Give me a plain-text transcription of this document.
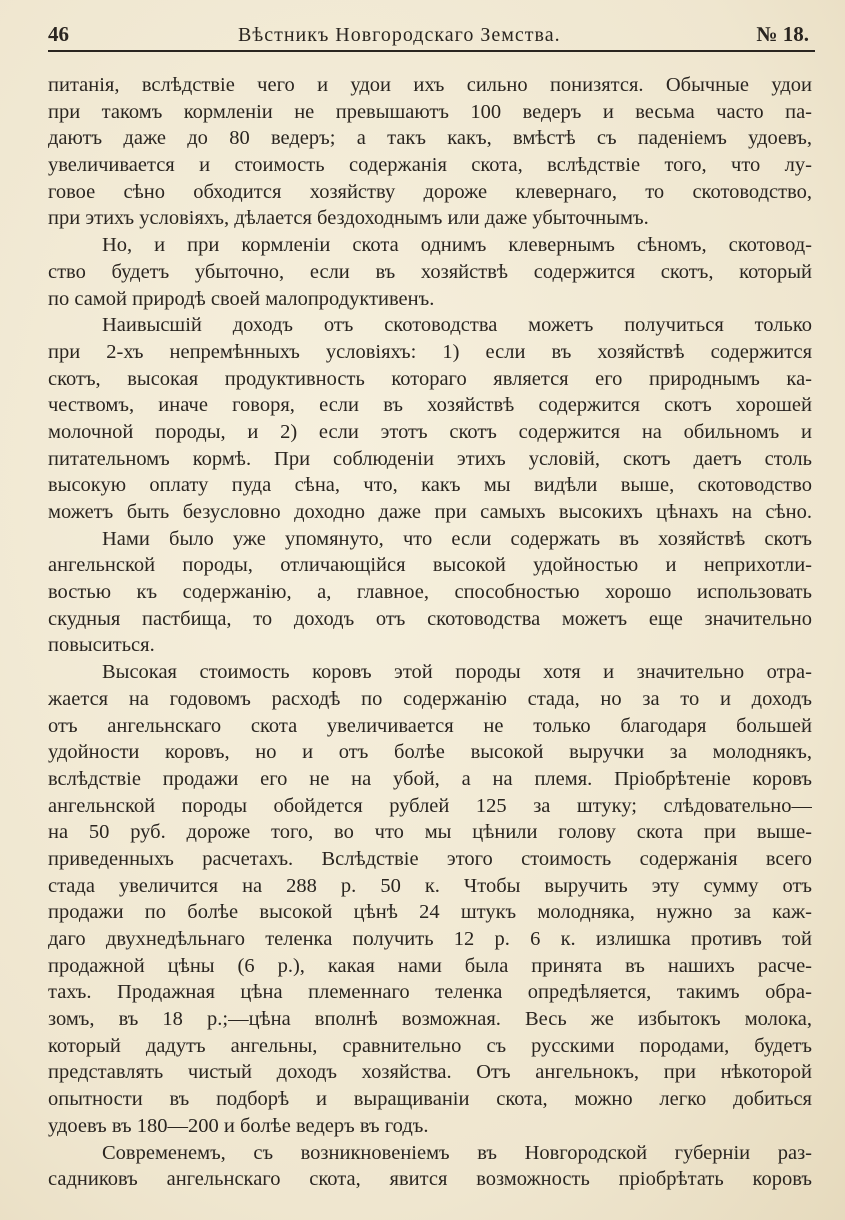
46	Вѣстникъ Новгородскаго Земства.	№ 18.
питанія, вслѣдствіе чего и удои ихъ сильно понизятся. Обычные удои
при такомъ кормленіи не превышаютъ 100 ведеръ и весьма часто па-
даютъ даже до 80 ведеръ; а такъ какъ, вмѣстѣ съ паденіемъ удоевъ,
увеличивается и стоимость содержанія скота, вслѣдствіе того, что лу-
говое сѣно обходится хозяйству дороже клевернаго, то скотоводство,
при этихъ условіяхъ, дѣлается бездоходнымъ или даже убыточнымъ.
Но, и при кормленіи скота однимъ клевернымъ сѣномъ, скотовод-
ство будетъ убыточно, если въ хозяйствѣ содержится скотъ, который
по самой природѣ своей малопродуктивенъ.
Наивысшій доходъ отъ скотоводства можетъ получиться только
при 2-хъ непремѣнныхъ условіяхъ: 1) если въ хозяйствѣ содержится
скотъ, высокая продуктивность котораго является его природнымъ ка-
чествомъ, иначе говоря, если въ хозяйствѣ содержится скотъ хорошей
молочной породы, и 2) если этотъ скотъ содержится на обильномъ и
питательномъ кормѣ. При соблюденіи этихъ условій, скотъ даетъ столь
высокую оплату пуда сѣна, что, какъ мы видѣли выше, скотоводство
можетъ быть безусловно доходно даже при самыхъ высокихъ цѣнахъ на сѣно.
Нами было уже упомянуто, что если содержать въ хозяйствѣ скотъ
ангельнской породы, отличающійся высокой удойностью и неприхотли-
востью къ содержанію, а, главное, способностью хорошо использовать
скудныя пастбища, то доходъ отъ скотоводства можетъ еще значительно
повыситься.
Высокая стоимость коровъ этой породы хотя и значительно отра-
жается на годовомъ расходѣ по содержанію стада, но за то и доходъ
отъ ангельнскаго скота увеличивается не только благодаря большей
удойности коровъ, но и отъ болѣе высокой выручки за молоднякъ,
вслѣдствіе продажи его не на убой, а на племя. Пріобрѣтеніе коровъ
ангельнской породы обойдется рублей 125 за штуку; слѣдовательно—
на 50 руб. дороже того, во что мы цѣнили голову скота при выше-
приведенныхъ расчетахъ. Вслѣдствіе этого стоимость содержанія всего
стада увеличится на 288 р. 50 к. Чтобы выручить эту сумму отъ
продажи по болѣе высокой цѣнѣ 24 штукъ молодняка, нужно за каж-
даго двухнедѣльнаго теленка получить 12 р. 6 к. излишка противъ той
продажной цѣны (6 р.), какая нами была принята въ нашихъ расче-
тахъ. Продажная цѣна племеннаго теленка опредѣляется, такимъ обра-
зомъ, въ 18 р.;—цѣна вполнѣ возможная. Весь же избытокъ молока,
который дадутъ ангельны, сравнительно съ русскими породами, будетъ
представлять чистый доходъ хозяйства. Отъ ангельнокъ, при нѣкоторой
опытности въ подборѣ и выращиваніи скота, можно легко добиться
удоевъ въ 180—200 и болѣе ведеръ въ годъ.
Современемъ, съ возникновеніемъ въ Новгородской губерніи раз-
садниковъ ангельнскаго скота, явится возможность пріобрѣтать коровъ
